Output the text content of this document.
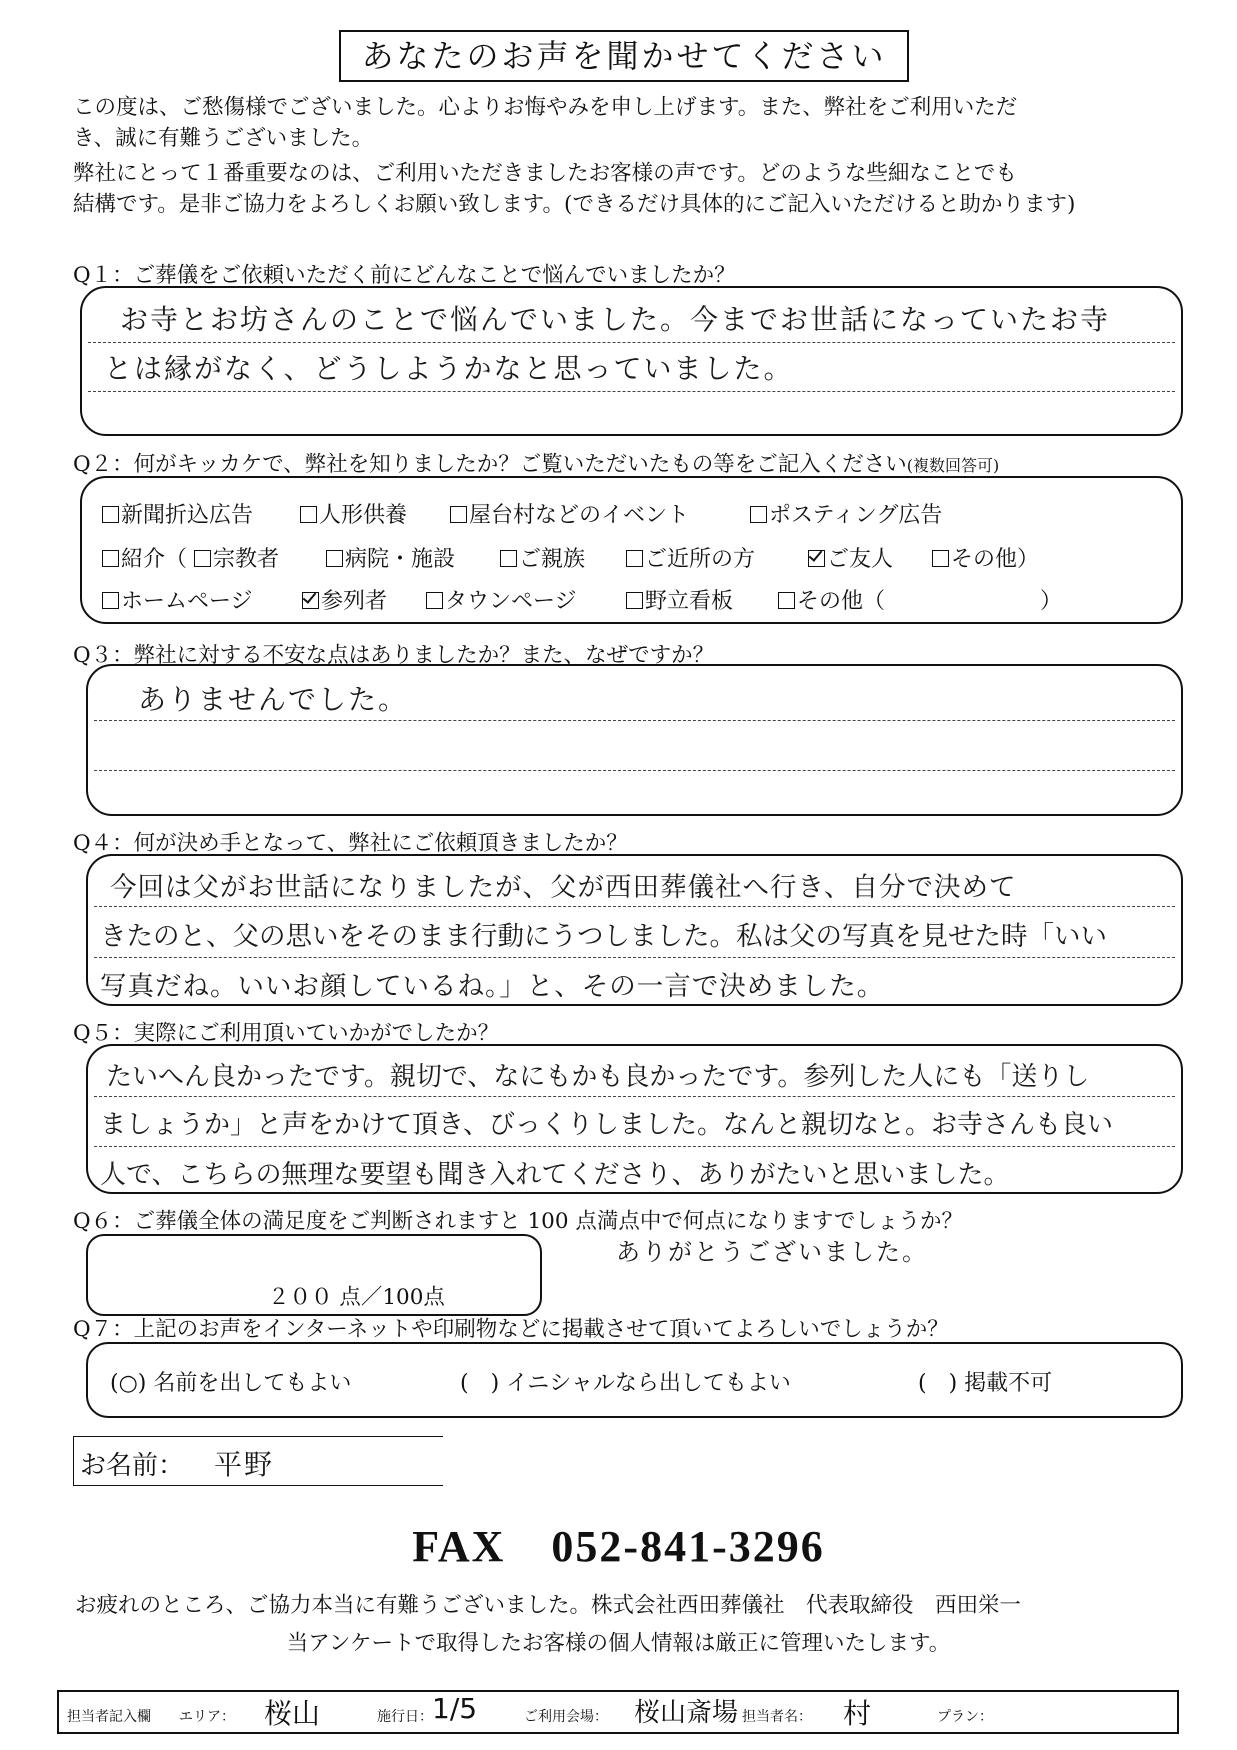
あなたのお声を聞かせてください
この度は、ご愁傷様でございました。心よりお悔やみを申し上げます。また、弊社をご利用いただ
き、誠に有難うございました。
弊社にとって１番重要なのは、ご利用いただきましたお客様の声です。どのような些細なことでも
結構です。是非ご協力をよろしくお願い致します。(できるだけ具体的にご記入いただけると助かります)
Q１：ご葬儀をご依頼いただく前にどんなことで悩んでいましたか？
お寺とお坊さんのことで悩んでいました。今までお世話になっていたお寺
とは縁がなく、どうしようかなと思っていました。
Q２：何がキッカケで、弊社を知りましたか？ご覧いただいたもの等をご記入ください(複数回答可)
新聞折込広告	人形供養	屋台村などのイベント	ポスティング広告
紹介（	宗教者	病院・施設	ご親族	ご近所の方	ご友人	その他）
ホームページ	参列者	タウンページ	野立看板	その他（	）
Q３：弊社に対する不安な点はありましたか？また、なぜですか？
ありませんでした。
Q４：何が決め手となって、弊社にご依頼頂きましたか？
今回は父がお世話になりましたが、父が西田葬儀社へ行き、自分で決めて
きたのと、父の思いをそのまま行動にうつしました。私は父の写真を見せた時「いい
写真だね。いいお顔しているね。」と、その一言で決めました。
Q５：実際にご利用頂いていかがでしたか？
たいへん良かったです。親切で、なにもかも良かったです。参列した人にも「送りし
ましょうか」と声をかけて頂き、びっくりしました。なんと親切なと。お寺さんも良い
人で、こちらの無理な要望も聞き入れてくださり、ありがたいと思いました。
Q６：ご葬儀全体の満足度をご判断されますと 100 点満点中で何点になりますでしょうか？
２００ 点／100点
ありがとうございました。
Q７：上記のお声をインターネットや印刷物などに掲載させて頂いてよろしいでしょうか？
(○) 名前を出してもよい	(　) イニシャルなら出してもよい	(　) 掲載不可
お名前： 平野
FAX　052-841-3296
お疲れのところ、ご協力本当に有難うございました。株式会社西田葬儀社　代表取締役　西田栄一
当アンケートで取得したお客様の個人情報は厳正に管理いたします。
担当者記入欄 エリア： 桜山	施行日： 1/5	ご利用会場： 桜山斎場 担当者名： 村	プラン：
